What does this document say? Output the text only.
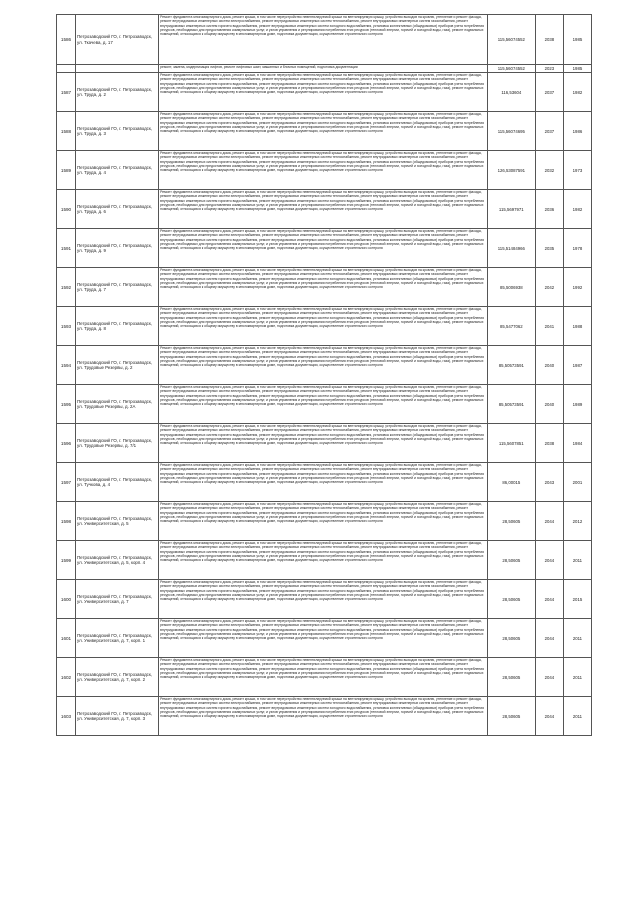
1586	Петрозаводский ГО, г. Петрозаводск, ул. Ткачева, д. 17	Ремонт фундамента многоквартирного дома, ремонт крыши, в том числе переустройство невентилируемой крыши на вентилируемую крышу, устройство выходов на кровлю, утепление и ремонт фасада, ремонт внутридомовых инженерных систем электроснабжения, ремонт внутридомовых инженерных систем теплоснабжения, ремонт внутридомовых инженерных систем газоснабжения, ремонт внутридомовых инженерных систем горячего водоснабжения, ремонт внутридомовых инженерных систем холодного водоснабжения, установка коллективных (общедомовых) приборов учета потребления ресурсов, необходимых для предоставления коммунальных услуг, и узлов управления и регулирования потребления этих ресурсов (тепловой энергии, горячей и холодной воды, газа), ремонт подвальных помещений, относящихся к общему имуществу в многоквартирном доме, подготовка документации, осуществление строительного контроля	115,56074552	2038	1985

		ремонт, замена, модернизация лифтов, ремонт лифтовых шахт, машинных и блочных помещений, подготовка документации	115,56074552	2023	1985
1587	Петрозаводский ГО, г. Петрозаводск, ул. Труда, д. 2	Ремонт фундамента многоквартирного дома, ремонт крыши, в том числе переустройство невентилируемой крыши на вентилируемую крышу, устройство выходов на кровлю, утепление и ремонт фасада, ремонт внутридомовых инженерных систем электроснабжения, ремонт внутридомовых инженерных систем теплоснабжения, ремонт внутридомовых инженерных систем газоснабжения, ремонт внутридомовых инженерных систем горячего водоснабжения, ремонт внутридомовых инженерных систем холодного водоснабжения, установка коллективных (общедомовых) приборов учета потребления ресурсов, необходимых для предоставления коммунальных услуг, и узлов управления и регулирования потребления этих ресурсов (тепловой энергии, горячей и холодной воды, газа), ремонт подвальных помещений, относящихся к общему имуществу в многоквартирном доме, подготовка документации, осуществление строительного контроля	116,53604	2037	1982
1588	Петрозаводский ГО, г. Петрозаводск, ул. Труда, д. 3	Ремонт фундамента многоквартирного дома, ремонт крыши, в том числе переустройство невентилируемой крыши на вентилируемую крышу, устройство выходов на кровлю, утепление и ремонт фасада, ремонт внутридомовых инженерных систем электроснабжения, ремонт внутридомовых инженерных систем теплоснабжения, ремонт внутридомовых инженерных систем газоснабжения, ремонт внутридомовых инженерных систем горячего водоснабжения, ремонт внутридомовых инженерных систем холодного водоснабжения, установка коллективных (общедомовых) приборов учета потребления ресурсов, необходимых для предоставления коммунальных услуг, и узлов управления и регулирования потребления этих ресурсов (тепловой энергии, горячей и холодной воды, газа), ремонт подвальных помещений, относящихся к общему имуществу в многоквартирном доме, подготовка документации, осуществление строительного контроля	115,56074695	2037	1986
1589	Петрозаводский ГО, г. Петрозаводск, ул. Труда, д. 4	Ремонт фундамента многоквартирного дома, ремонт крыши, в том числе переустройство невентилируемой крыши на вентилируемую крышу, устройство выходов на кровлю, утепление и ремонт фасада, ремонт внутридомовых инженерных систем электроснабжения, ремонт внутридомовых инженерных систем теплоснабжения, ремонт внутридомовых инженерных систем газоснабжения, ремонт внутридомовых инженерных систем горячего водоснабжения, ремонт внутридомовых инженерных систем холодного водоснабжения, установка коллективных (общедомовых) приборов учета потребления ресурсов, необходимых для предоставления коммунальных услуг, и узлов управления и регулирования потребления этих ресурсов (тепловой энергии, горячей и холодной воды, газа), ремонт подвальных помещений, относящихся к общему имуществу в многоквартирном доме, подготовка документации, осуществление строительного контроля	126,53087591	2032	1973
1590	Петрозаводский ГО, г. Петрозаводск, ул. Труда, д. 6	Ремонт фундамента многоквартирного дома, ремонт крыши, в том числе переустройство невентилируемой крыши на вентилируемую крышу, устройство выходов на кровлю, утепление и ремонт фасада, ремонт внутридомовых инженерных систем электроснабжения, ремонт внутридомовых инженерных систем теплоснабжения, ремонт внутридомовых инженерных систем газоснабжения, ремонт внутридомовых инженерных систем горячего водоснабжения, ремонт внутридомовых инженерных систем холодного водоснабжения, установка коллективных (общедомовых) приборов учета потребления ресурсов, необходимых для предоставления коммунальных услуг, и узлов управления и регулирования потребления этих ресурсов (тепловой энергии, горячей и холодной воды, газа), ремонт подвальных помещений, относящихся к общему имуществу в многоквартирном доме, подготовка документации, осуществление строительного контроля	115,5697971	2036	1982
1591	Петрозаводский ГО, г. Петрозаводск, ул. Труда, д. 9	Ремонт фундамента многоквартирного дома, ремонт крыши, в том числе переустройство невентилируемой крыши на вентилируемую крышу, устройство выходов на кровлю, утепление и ремонт фасада, ремонт внутридомовых инженерных систем электроснабжения, ремонт внутридомовых инженерных систем теплоснабжения, ремонт внутридомовых инженерных систем газоснабжения, ремонт внутридомовых инженерных систем горячего водоснабжения, ремонт внутридомовых инженерных систем холодного водоснабжения, установка коллективных (общедомовых) приборов учета потребления ресурсов, необходимых для предоставления коммунальных услуг, и узлов управления и регулирования потребления этих ресурсов (тепловой энергии, горячей и холодной воды, газа), ремонт подвальных помещений, относящихся к общему имуществу в многоквартирном доме, подготовка документации, осуществление строительного контроля	115,51484966	2035	1978
1592	Петрозаводский ГО, г. Петрозаводск, ул. Труда, д. 7	Ремонт фундамента многоквартирного дома, ремонт крыши, в том числе переустройство невентилируемой крыши на вентилируемую крышу, устройство выходов на кровлю, утепление и ремонт фасада, ремонт внутридомовых инженерных систем электроснабжения, ремонт внутридомовых инженерных систем теплоснабжения, ремонт внутридомовых инженерных систем газоснабжения, ремонт внутридомовых инженерных систем горячего водоснабжения, ремонт внутридомовых инженерных систем холодного водоснабжения, установка коллективных (общедомовых) приборов учета потребления ресурсов, необходимых для предоставления коммунальных услуг, и узлов управления и регулирования потребления этих ресурсов (тепловой энергии, горячей и холодной воды, газа), ремонт подвальных помещений, относящихся к общему имуществу в многоквартирном доме, подготовка документации, осуществление строительного контроля	85,5006938	2042	1992
1593	Петрозаводский ГО, г. Петрозаводск, ул. Труда, д. 8	Ремонт фундамента многоквартирного дома, ремонт крыши, в том числе переустройство невентилируемой крыши на вентилируемую крышу, устройство выходов на кровлю, утепление и ремонт фасада, ремонт внутридомовых инженерных систем электроснабжения, ремонт внутридомовых инженерных систем теплоснабжения, ремонт внутридомовых инженерных систем газоснабжения, ремонт внутридомовых инженерных систем горячего водоснабжения, ремонт внутридомовых инженерных систем холодного водоснабжения, установка коллективных (общедомовых) приборов учета потребления ресурсов, необходимых для предоставления коммунальных услуг, и узлов управления и регулирования потребления этих ресурсов (тепловой энергии, горячей и холодной воды, газа), ремонт подвальных помещений, относящихся к общему имуществу в многоквартирном доме, подготовка документации, осуществление строительного контроля	85,5477062	2041	1988
1594	Петрозаводский ГО, г. Петрозаводск, ул. Трудовые Резервы, д. 2	Ремонт фундамента многоквартирного дома, ремонт крыши, в том числе переустройство невентилируемой крыши на вентилируемую крышу, устройство выходов на кровлю, утепление и ремонт фасада, ремонт внутридомовых инженерных систем электроснабжения, ремонт внутридомовых инженерных систем теплоснабжения, ремонт внутридомовых инженерных систем газоснабжения, ремонт внутридомовых инженерных систем горячего водоснабжения, ремонт внутридомовых инженерных систем холодного водоснабжения, установка коллективных (общедомовых) приборов учета потребления ресурсов, необходимых для предоставления коммунальных услуг, и узлов управления и регулирования потребления этих ресурсов (тепловой энергии, горячей и холодной воды, газа), ремонт подвальных помещений, относящихся к общему имуществу в многоквартирном доме, подготовка документации, осуществление строительного контроля	85,50573591	2040	1987
1595	Петрозаводский ГО, г. Петрозаводск, ул. Трудовые Резервы, д. 2А	Ремонт фундамента многоквартирного дома, ремонт крыши, в том числе переустройство невентилируемой крыши на вентилируемую крышу, устройство выходов на кровлю, утепление и ремонт фасада, ремонт внутридомовых инженерных систем электроснабжения, ремонт внутридомовых инженерных систем теплоснабжения, ремонт внутридомовых инженерных систем газоснабжения, ремонт внутридомовых инженерных систем горячего водоснабжения, ремонт внутридомовых инженерных систем холодного водоснабжения, установка коллективных (общедомовых) приборов учета потребления ресурсов, необходимых для предоставления коммунальных услуг, и узлов управления и регулирования потребления этих ресурсов (тепловой энергии, горячей и холодной воды, газа), ремонт подвальных помещений, относящихся к общему имуществу в многоквартирном доме, подготовка документации, осуществление строительного контроля	85,50573591	2040	1989
1596	Петрозаводский ГО, г. Петрозаводск, ул. Трудовые Резервы, д. 7/1	Ремонт фундамента многоквартирного дома, ремонт крыши, в том числе переустройство невентилируемой крыши на вентилируемую крышу, устройство выходов на кровлю, утепление и ремонт фасада, ремонт внутридомовых инженерных систем электроснабжения, ремонт внутридомовых инженерных систем теплоснабжения, ремонт внутридомовых инженерных систем газоснабжения, ремонт внутридомовых инженерных систем горячего водоснабжения, ремонт внутридомовых инженерных систем холодного водоснабжения, установка коллективных (общедомовых) приборов учета потребления ресурсов, необходимых для предоставления коммунальных услуг, и узлов управления и регулирования потребления этих ресурсов (тепловой энергии, горячей и холодной воды, газа), ремонт подвальных помещений, относящихся к общему имуществу в многоквартирном доме, подготовка документации, осуществление строительного контроля	115,5607851	2038	1984
1597	Петрозаводский ГО, г. Петрозаводск, ул. Тучкова, д. 4	Ремонт фундамента многоквартирного дома, ремонт крыши, в том числе переустройство невентилируемой крыши на вентилируемую крышу, устройство выходов на кровлю, утепление и ремонт фасада, ремонт внутридомовых инженерных систем электроснабжения, ремонт внутридомовых инженерных систем теплоснабжения, ремонт внутридомовых инженерных систем газоснабжения, ремонт внутридомовых инженерных систем горячего водоснабжения, ремонт внутридомовых инженерных систем холодного водоснабжения, установка коллективных (общедомовых) приборов учета потребления ресурсов, необходимых для предоставления коммунальных услуг, и узлов управления и регулирования потребления этих ресурсов (тепловой энергии, горячей и холодной воды, газа), ремонт подвальных помещений, относящихся к общему имуществу в многоквартирном доме, подготовка документации, осуществление строительного контроля	86,00015	2043	2001
1598	Петрозаводский ГО, г. Петрозаводск, ул. Университетская, д. 5	Ремонт фундамента многоквартирного дома, ремонт крыши, в том числе переустройство невентилируемой крыши на вентилируемую крышу, устройство выходов на кровлю, утепление и ремонт фасада, ремонт внутридомовых инженерных систем электроснабжения, ремонт внутридомовых инженерных систем теплоснабжения, ремонт внутридомовых инженерных систем газоснабжения, ремонт внутридомовых инженерных систем горячего водоснабжения, ремонт внутридомовых инженерных систем холодного водоснабжения, установка коллективных (общедомовых) приборов учета потребления ресурсов, необходимых для предоставления коммунальных услуг, и узлов управления и регулирования потребления этих ресурсов (тепловой энергии, горячей и холодной воды, газа), ремонт подвальных помещений, относящихся к общему имуществу в многоквартирном доме, подготовка документации, осуществление строительного контроля	28,50605	2044	2012
1599	Петрозаводский ГО, г. Петрозаводск, ул. Университетская, д. 5, корп. 4	Ремонт фундамента многоквартирного дома, ремонт крыши, в том числе переустройство невентилируемой крыши на вентилируемую крышу, устройство выходов на кровлю, утепление и ремонт фасада, ремонт внутридомовых инженерных систем электроснабжения, ремонт внутридомовых инженерных систем теплоснабжения, ремонт внутридомовых инженерных систем газоснабжения, ремонт внутридомовых инженерных систем горячего водоснабжения, ремонт внутридомовых инженерных систем холодного водоснабжения, установка коллективных (общедомовых) приборов учета потребления ресурсов, необходимых для предоставления коммунальных услуг, и узлов управления и регулирования потребления этих ресурсов (тепловой энергии, горячей и холодной воды, газа), ремонт подвальных помещений, относящихся к общему имуществу в многоквартирном доме, подготовка документации, осуществление строительного контроля	28,50605	2044	2011
1600	Петрозаводский ГО, г. Петрозаводск, ул. Университетская, д. 7	Ремонт фундамента многоквартирного дома, ремонт крыши, в том числе переустройство невентилируемой крыши на вентилируемую крышу, устройство выходов на кровлю, утепление и ремонт фасада, ремонт внутридомовых инженерных систем электроснабжения, ремонт внутридомовых инженерных систем теплоснабжения, ремонт внутридомовых инженерных систем газоснабжения, ремонт внутридомовых инженерных систем горячего водоснабжения, ремонт внутридомовых инженерных систем холодного водоснабжения, установка коллективных (общедомовых) приборов учета потребления ресурсов, необходимых для предоставления коммунальных услуг, и узлов управления и регулирования потребления этих ресурсов (тепловой энергии, горячей и холодной воды, газа), ремонт подвальных помещений, относящихся к общему имуществу в многоквартирном доме, подготовка документации, осуществление строительного контроля	28,50605	2044	2015
1601	Петрозаводский ГО, г. Петрозаводск, ул. Университетская, д. 7, корп. 1	Ремонт фундамента многоквартирного дома, ремонт крыши, в том числе переустройство невентилируемой крыши на вентилируемую крышу, устройство выходов на кровлю, утепление и ремонт фасада, ремонт внутридомовых инженерных систем электроснабжения, ремонт внутридомовых инженерных систем теплоснабжения, ремонт внутридомовых инженерных систем газоснабжения, ремонт внутридомовых инженерных систем горячего водоснабжения, ремонт внутридомовых инженерных систем холодного водоснабжения, установка коллективных (общедомовых) приборов учета потребления ресурсов, необходимых для предоставления коммунальных услуг, и узлов управления и регулирования потребления этих ресурсов (тепловой энергии, горячей и холодной воды, газа), ремонт подвальных помещений, относящихся к общему имуществу в многоквартирном доме, подготовка документации, осуществление строительного контроля	28,50605	2044	2011
1602	Петрозаводский ГО, г. Петрозаводск, ул. Университетская, д. 7, корп. 2	Ремонт фундамента многоквартирного дома, ремонт крыши, в том числе переустройство невентилируемой крыши на вентилируемую крышу, устройство выходов на кровлю, утепление и ремонт фасада, ремонт внутридомовых инженерных систем электроснабжения, ремонт внутридомовых инженерных систем теплоснабжения, ремонт внутридомовых инженерных систем газоснабжения, ремонт внутридомовых инженерных систем горячего водоснабжения, ремонт внутридомовых инженерных систем холодного водоснабжения, установка коллективных (общедомовых) приборов учета потребления ресурсов, необходимых для предоставления коммунальных услуг, и узлов управления и регулирования потребления этих ресурсов (тепловой энергии, горячей и холодной воды, газа), ремонт подвальных помещений, относящихся к общему имуществу в многоквартирном доме, подготовка документации, осуществление строительного контроля	28,50605	2044	2011
1603	Петрозаводский ГО, г. Петрозаводск, ул. Университетская, д. 7, корп. 3	Ремонт фундамента многоквартирного дома, ремонт крыши, в том числе переустройство невентилируемой крыши на вентилируемую крышу, устройство выходов на кровлю, утепление и ремонт фасада, ремонт внутридомовых инженерных систем электроснабжения, ремонт внутридомовых инженерных систем теплоснабжения, ремонт внутридомовых инженерных систем газоснабжения, ремонт внутридомовых инженерных систем горячего водоснабжения, ремонт внутридомовых инженерных систем холодного водоснабжения, установка коллективных (общедомовых) приборов учета потребления ресурсов, необходимых для предоставления коммунальных услуг, и узлов управления и регулирования потребления этих ресурсов (тепловой энергии, горячей и холодной воды, газа), ремонт подвальных помещений, относящихся к общему имуществу в многоквартирном доме, подготовка документации, осуществление строительного контроля	28,50605	2044	2011
